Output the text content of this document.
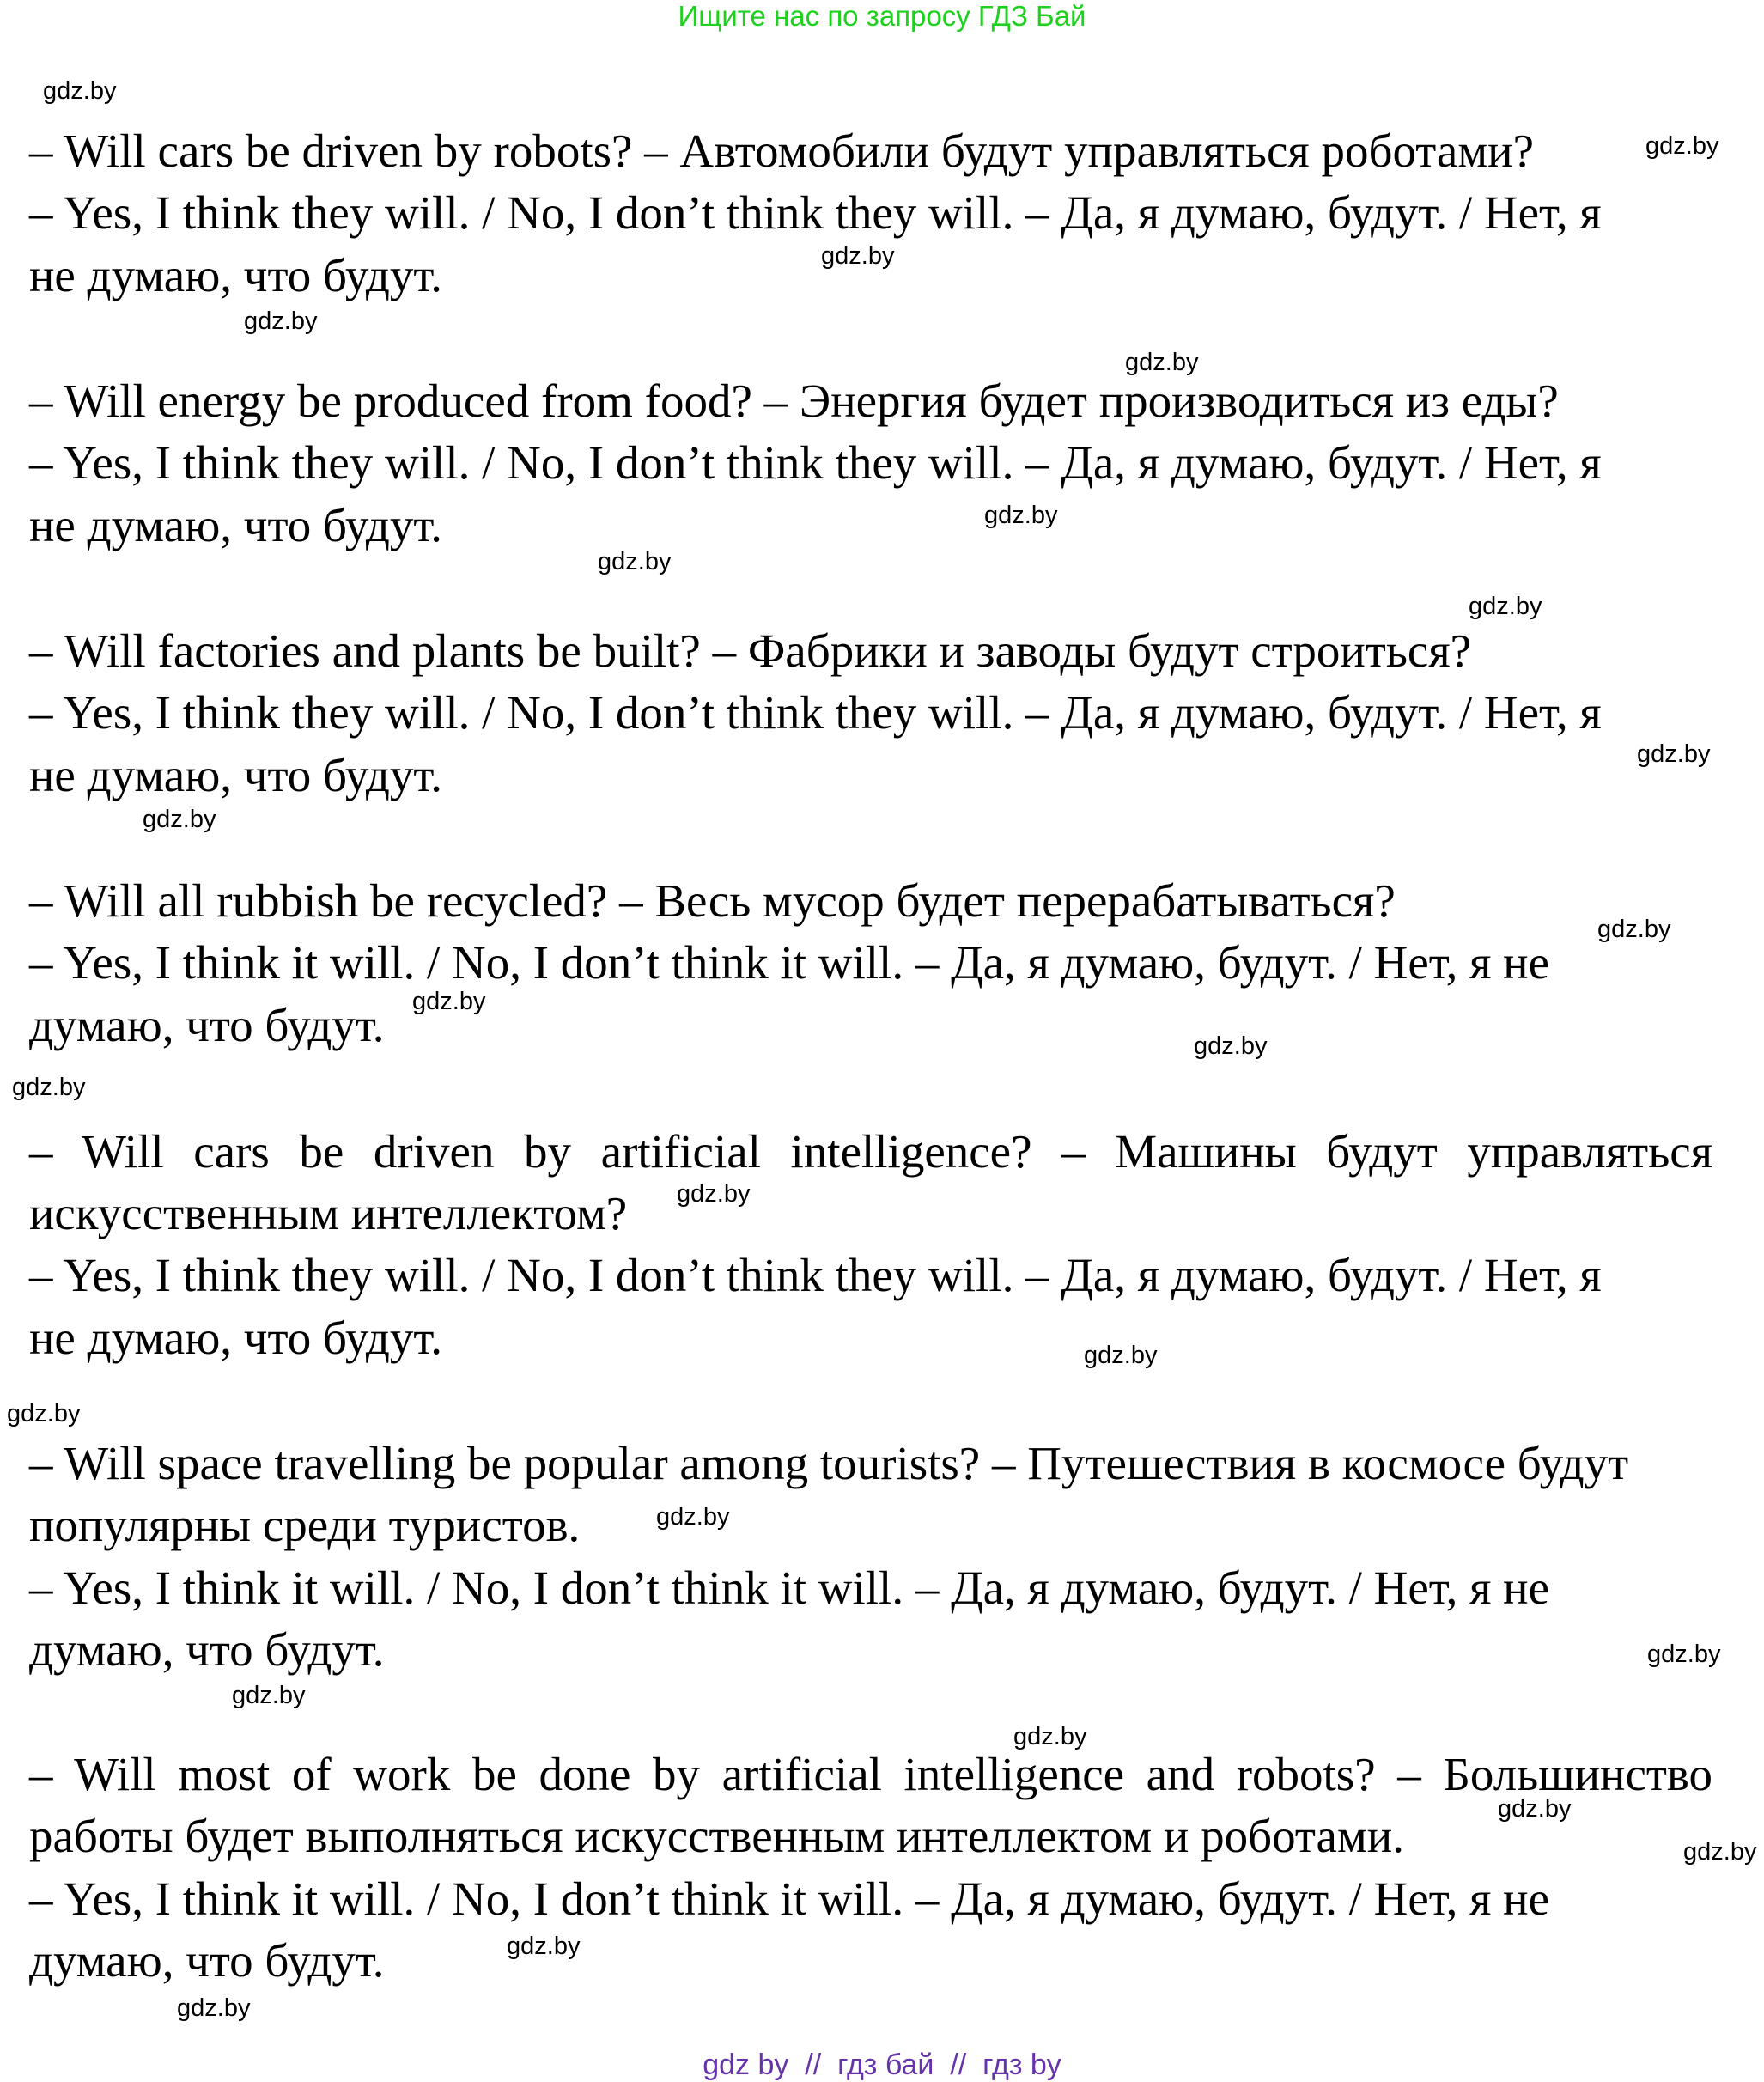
Ищите нас по запросу ГДЗ Бай
– Will cars be driven by robots? – Автомобили будут управляться роботами?
– Yes, I think they will. / No, I don’t think they will. – Да, я думаю, будут. / Нет, я
не думаю, что будут.
– Will energy be produced from food? – Энергия будет производиться из еды?
– Yes, I think they will. / No, I don’t think they will. – Да, я думаю, будут. / Нет, я
не думаю, что будут.
– Will factories and plants be built? – Фабрики и заводы будут строиться?
– Yes, I think they will. / No, I don’t think they will. – Да, я думаю, будут. / Нет, я
не думаю, что будут.
– Will all rubbish be recycled? – Весь мусор будет перерабатываться?
– Yes, I think it will. / No, I don’t think it will. – Да, я думаю, будут. / Нет, я не
думаю, что будут.
– Will cars be driven by artificial intelligence? – Машины будут управляться
искусственным интеллектом?
– Yes, I think they will. / No, I don’t think they will. – Да, я думаю, будут. / Нет, я
не думаю, что будут.
– Will space travelling be popular among tourists? – Путешествия в космосе будут
популярны среди туристов.
– Yes, I think it will. / No, I don’t think it will. – Да, я думаю, будут. / Нет, я не
думаю, что будут.
– Will most of work be done by artificial intelligence and robots? – Большинство
работы будет выполняться искусственным интеллектом и роботами.
– Yes, I think it will. / No, I don’t think it will. – Да, я думаю, будут. / Нет, я не
думаю, что будут.
gdz.by
gdz.by
gdz.by
gdz.by
gdz.by
gdz.by
gdz.by
gdz.by
gdz.by
gdz.by
gdz.by
gdz.by
gdz.by
gdz.by
gdz.by
gdz.by
gdz.by
gdz.by
gdz.by
gdz.by
gdz.by
gdz.by
gdz.by
gdz.by
gdz.by
gdz by  //  гдз бай  //  гдз by
